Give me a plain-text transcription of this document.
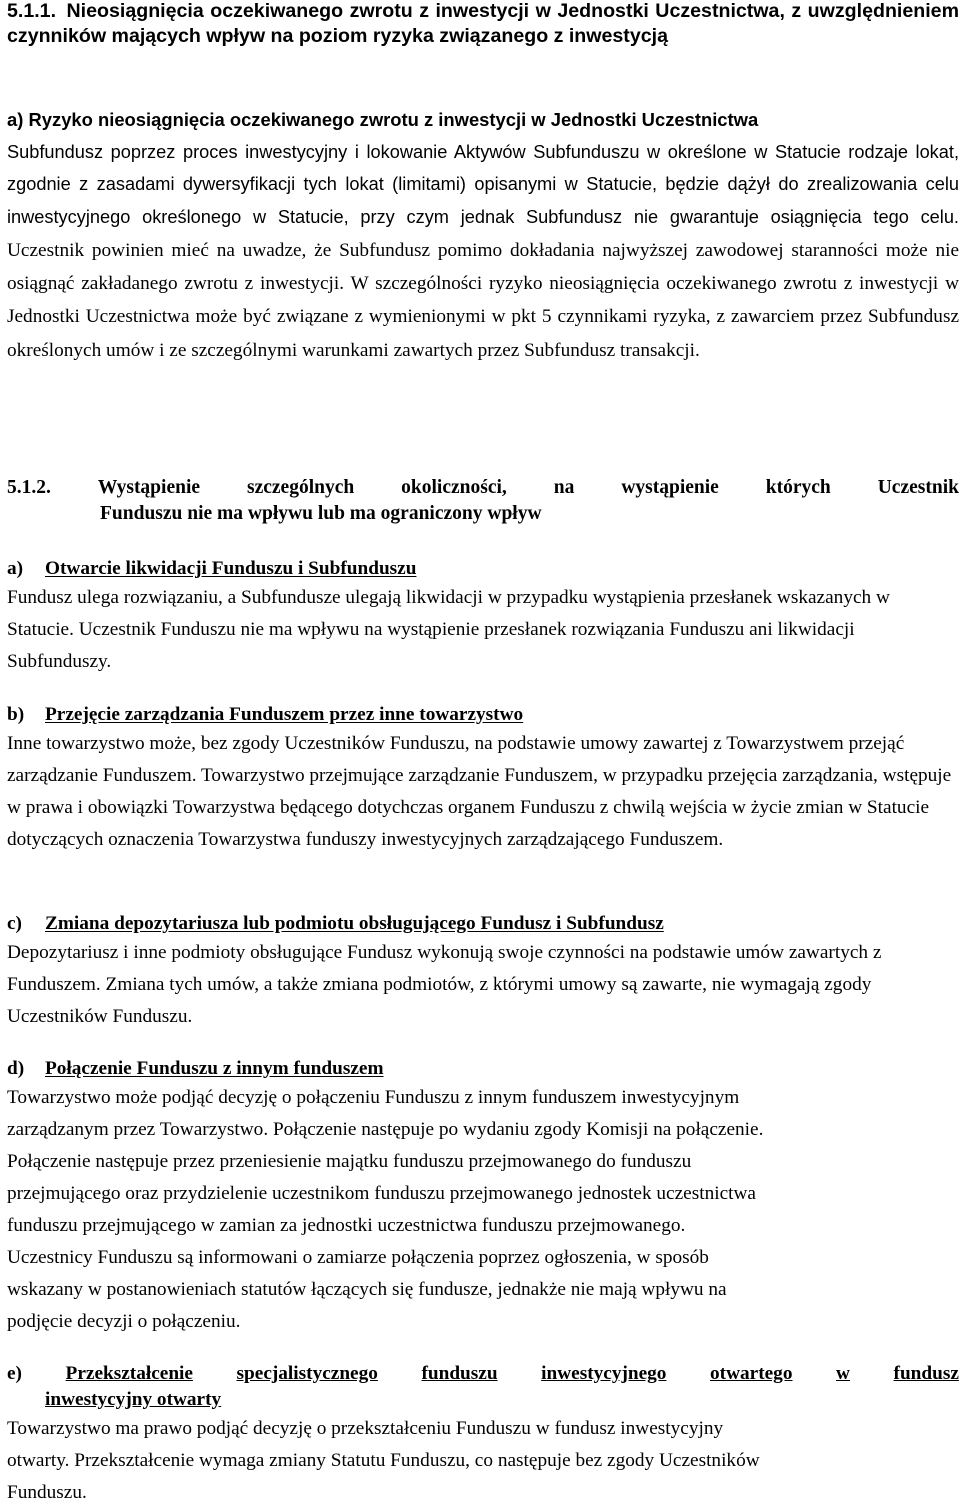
5.1.1. Nieosiągnięcia oczekiwanego zwrotu z inwestycji w Jednostki Uczestnictwa, z uwzględnieniem czynników mających wpływ na poziom ryzyka związanego z inwestycją
a) Ryzyko nieosiągnięcia oczekiwanego zwrotu z inwestycji w Jednostki Uczestnictwa
Subfundusz poprzez proces inwestycyjny i lokowanie Aktywów Subfunduszu w określone w Statucie rodzaje lokat, zgodnie z zasadami dywersyfikacji tych lokat (limitami) opisanymi w Statucie, będzie dążył do zrealizowania celu inwestycyjnego określonego w Statucie, przy czym jednak Subfundusz nie gwarantuje osiągnięcia tego celu. Uczestnik powinien mieć na uwadze, że Subfundusz pomimo dokładania najwyższej zawodowej staranności może nie osiągnąć zakładanego zwrotu z inwestycji. W szczególności ryzyko nieosiągnięcia oczekiwanego zwrotu z inwestycji w Jednostki Uczestnictwa może być związane z wymienionymi w pkt 5 czynnikami ryzyka, z zawarciem przez Subfundusz określonych umów i ze szczególnymi warunkami zawartych przez Subfundusz transakcji.
5.1.2. Wystąpienie szczególnych okoliczności, na wystąpienie których Uczestnik
Funduszu nie ma wpływu lub ma ograniczony wpływ
a) Otwarcie likwidacji Funduszu i Subfunduszu
Fundusz ulega rozwiązaniu, a Subfundusze ulegają likwidacji w przypadku wystąpienia przesłanek wskazanych w Statucie. Uczestnik Funduszu nie ma wpływu na wystąpienie przesłanek rozwiązania Funduszu ani likwidacji Subfunduszy.
b) Przejęcie zarządzania Funduszem przez inne towarzystwo
Inne towarzystwo może, bez zgody Uczestników Funduszu, na podstawie umowy zawartej z Towarzystwem przejąć zarządzanie Funduszem. Towarzystwo przejmujące zarządzanie Funduszem, w przypadku przejęcia zarządzania, wstępuje w prawa i obowiązki Towarzystwa będącego dotychczas organem Funduszu z chwilą wejścia w życie zmian w Statucie dotyczących oznaczenia Towarzystwa funduszy inwestycyjnych zarządzającego Funduszem.
c) Zmiana depozytariusza lub podmiotu obsługującego Fundusz i Subfundusz
Depozytariusz i inne podmioty obsługujące Fundusz wykonują swoje czynności na podstawie umów zawartych z Funduszem. Zmiana tych umów, a także zmiana podmiotów, z którymi umowy są zawarte, nie wymagają zgody Uczestników Funduszu.
d) Połączenie Funduszu z innym funduszem
Towarzystwo może podjąć decyzję o połączeniu Funduszu z innym funduszem inwestycyjnym
zarządzanym przez Towarzystwo. Połączenie następuje po wydaniu zgody Komisji na połączenie.
Połączenie następuje przez przeniesienie majątku funduszu przejmowanego do funduszu
przejmującego oraz przydzielenie uczestnikom funduszu przejmowanego jednostek uczestnictwa
funduszu przejmującego w zamian za jednostki uczestnictwa funduszu przejmowanego.
Uczestnicy Funduszu są informowani o zamiarze połączenia poprzez ogłoszenia, w sposób
wskazany w postanowieniach statutów łączących się fundusze, jednakże nie mają wpływu na
podjęcie decyzji o połączeniu.
e) Przekształcenie specjalistycznego funduszu inwestycyjnego otwartego w fundusz
inwestycyjny otwarty
Towarzystwo ma prawo podjąć decyzję o przekształceniu Funduszu w fundusz inwestycyjny
otwarty. Przekształcenie wymaga zmiany Statutu Funduszu, co następuje bez zgody Uczestników
Funduszu.
